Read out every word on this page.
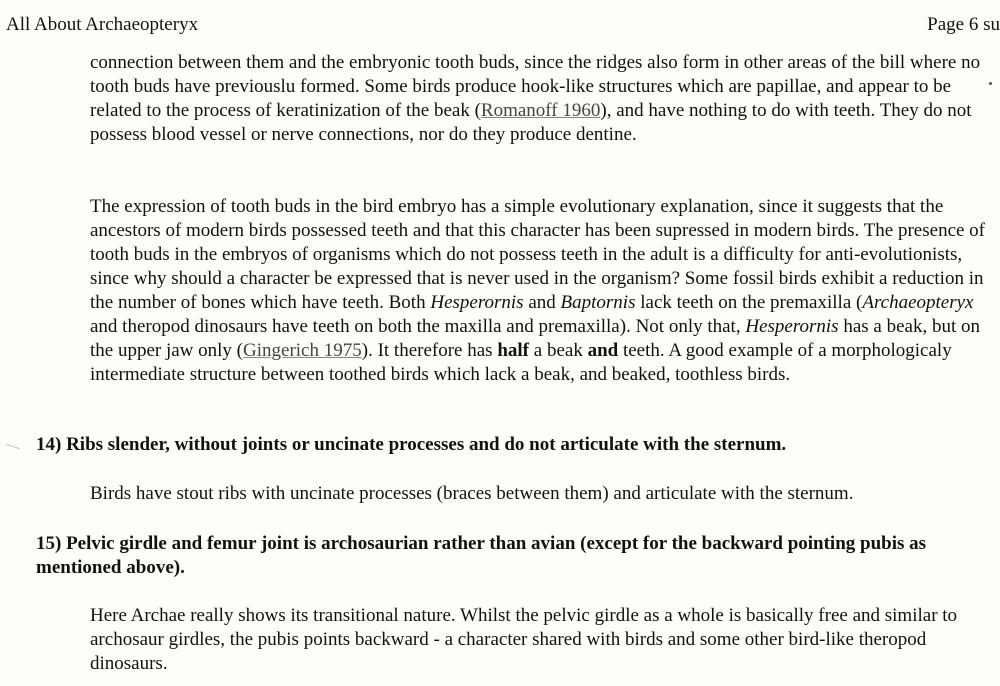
All About Archaeopteryx	Page 6 su
connection between them and the embryonic tooth buds, since the ridges also form in other areas of the bill where no tooth buds have previouslu formed. Some birds produce hook-like structures which are papillae, and appear to be related to the process of keratinization of the beak (Romanoff 1960), and have nothing to do with teeth. They do not possess blood vessel or nerve connections, nor do they produce dentine.
The expression of tooth buds in the bird embryo has a simple evolutionary explanation, since it suggests that the ancestors of modern birds possessed teeth and that this character has been supressed in modern birds. The presence of tooth buds in the embryos of organisms which do not possess teeth in the adult is a difficulty for anti-evolutionists, since why should a character be expressed that is never used in the organism? Some fossil birds exhibit a reduction in the number of bones which have teeth. Both Hesperornis and Baptornis lack teeth on the premaxilla (Archaeopteryx and theropod dinosaurs have teeth on both the maxilla and premaxilla). Not only that, Hesperornis has a beak, but on the upper jaw only (Gingerich 1975). It therefore has half a beak and teeth. A good example of a morphologicaly intermediate structure between toothed birds which lack a beak, and beaked, toothless birds.
14) Ribs slender, without joints or uncinate processes and do not articulate with the sternum.
Birds have stout ribs with uncinate processes (braces between them) and articulate with the sternum.
15) Pelvic girdle and femur joint is archosaurian rather than avian (except for the backward pointing pubis as mentioned above).
Here Archae really shows its transitional nature. Whilst the pelvic girdle as a whole is basically free and similar to archosaur girdles, the pubis points backward - a character shared with birds and some other bird-like theropod dinosaurs.
